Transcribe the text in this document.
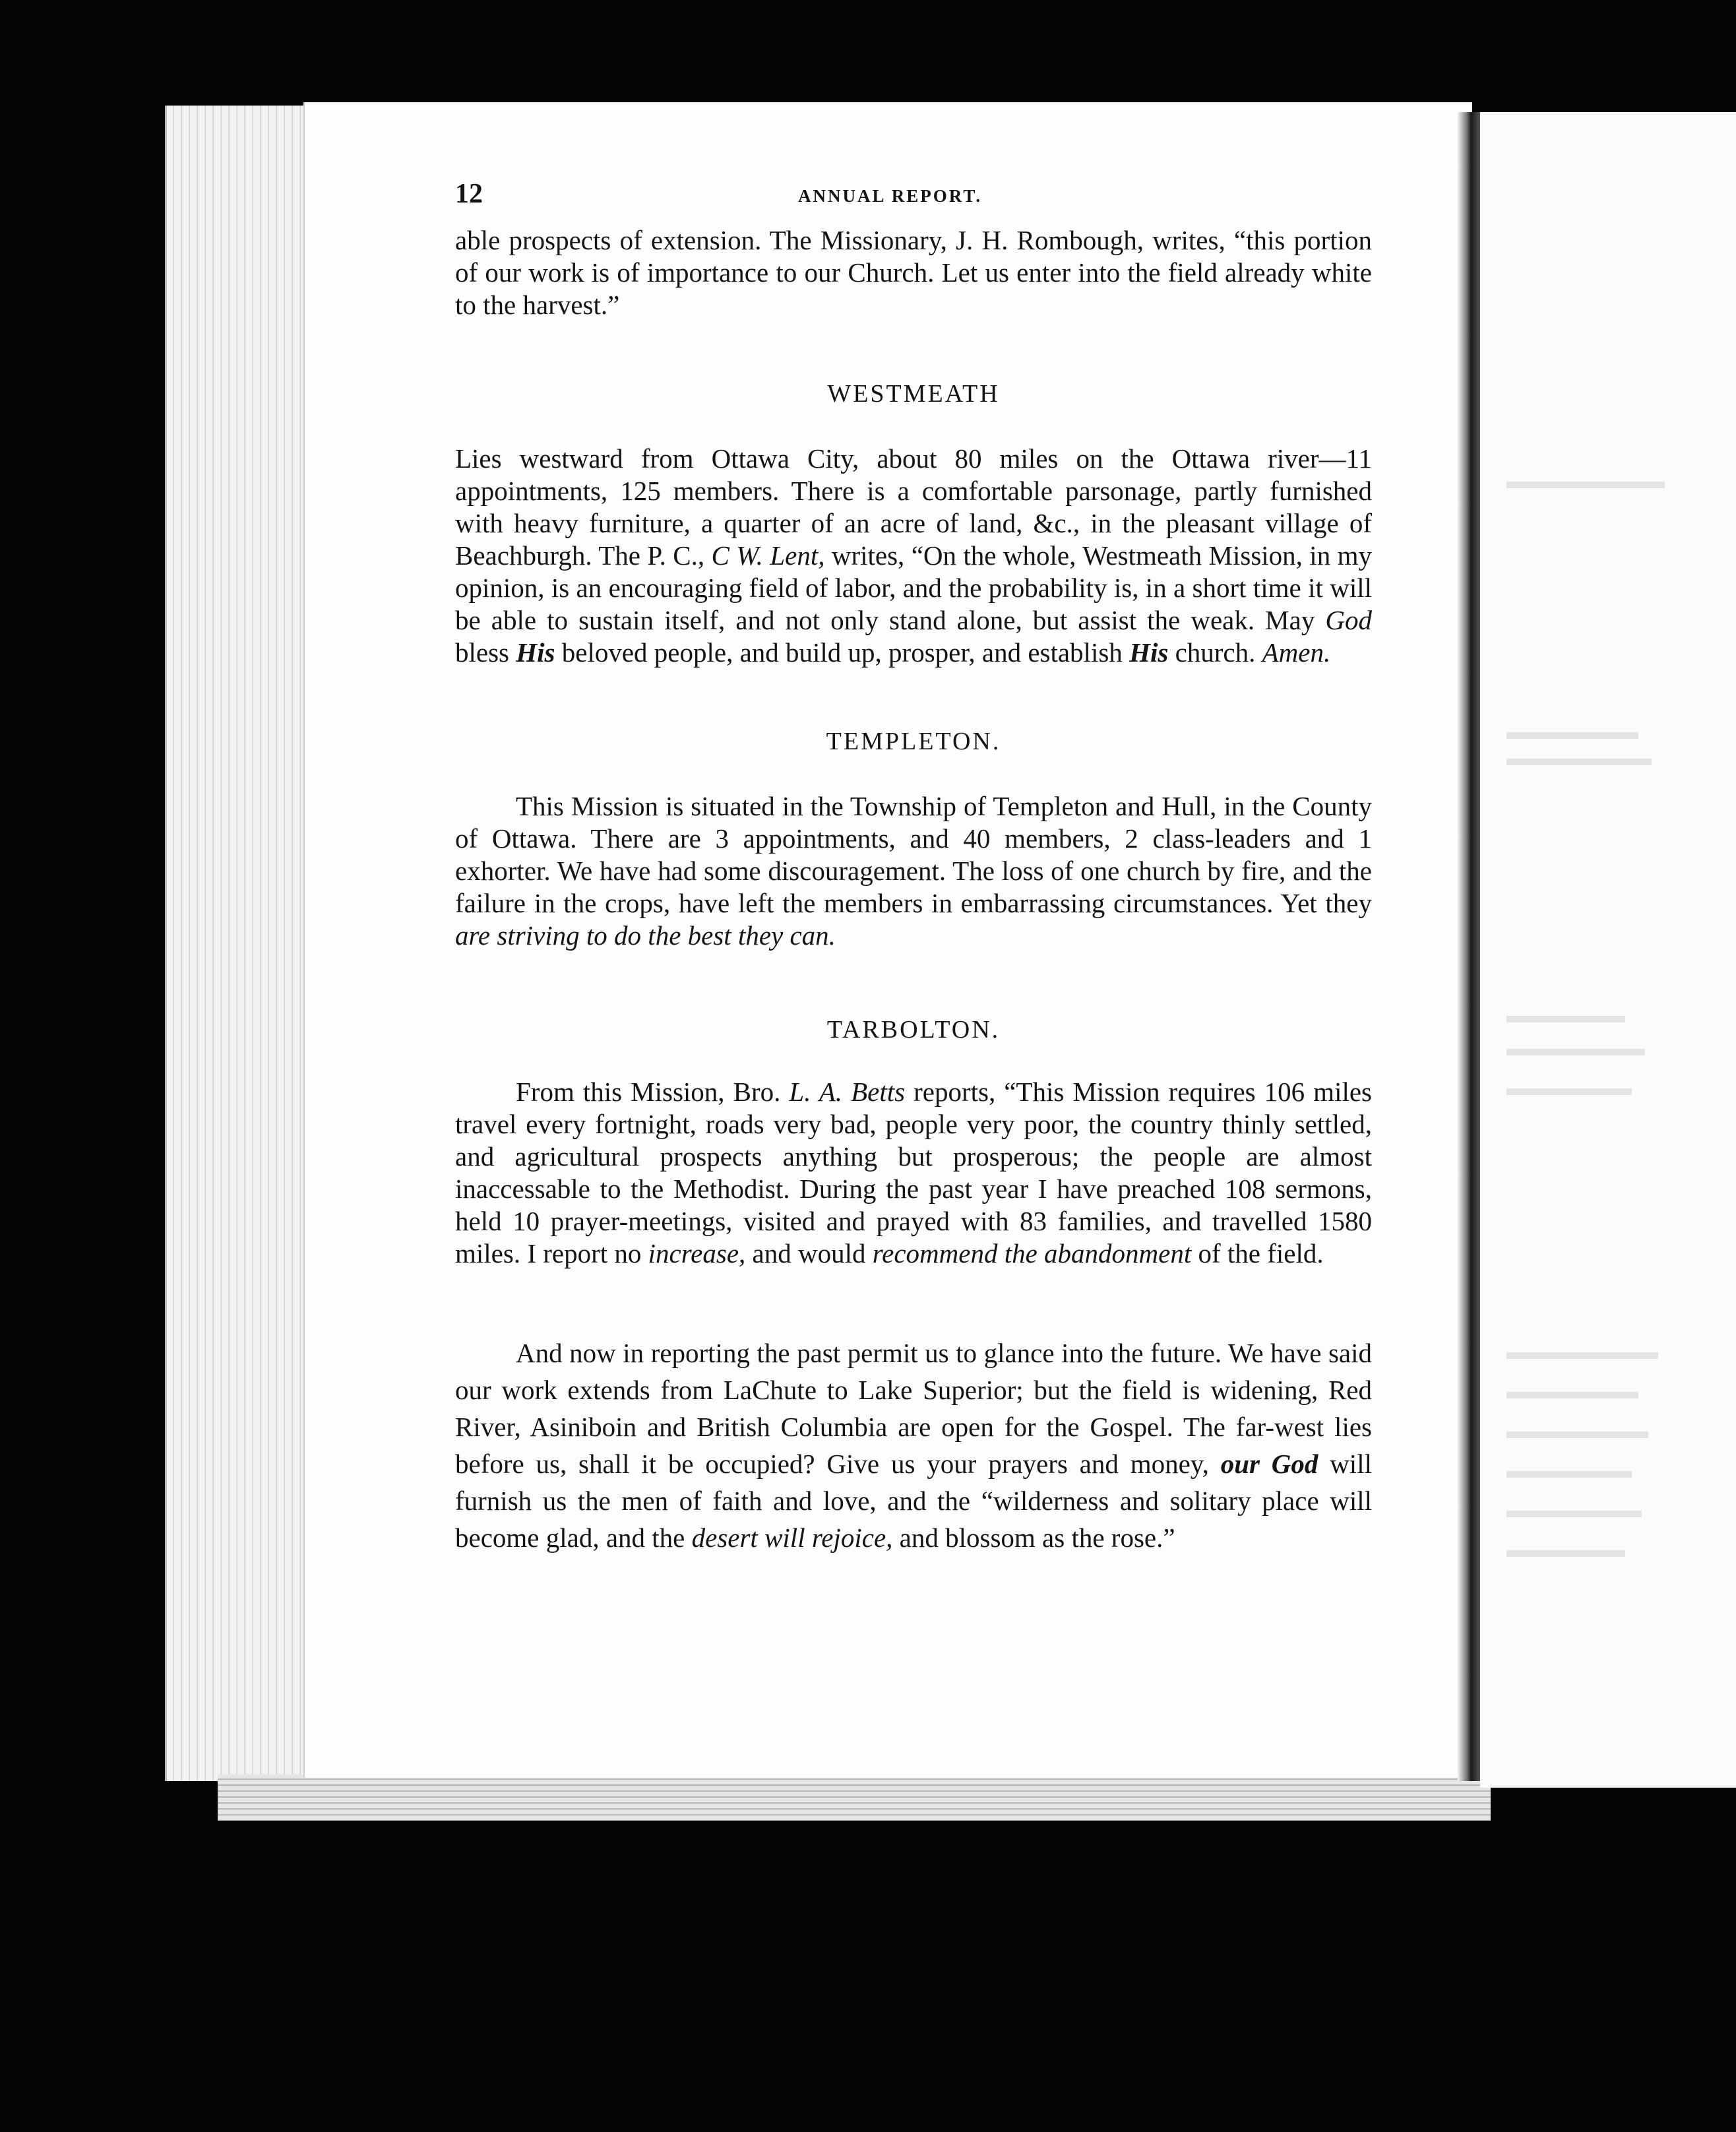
12	ANNUAL REPORT.

able prospects of extension. The Missionary, J. H. Rombough, writes, “this portion of our work is of importance to our Church. Let us enter into the field already white to the harvest.”

WESTMEATH

Lies westward from Ottawa City, about 80 miles on the Ottawa river—11 appointments, 125 members. There is a comfortable parsonage, partly furnished with heavy furniture, a quarter of an acre of land, &c., in the pleasant village of Beachburgh. The P. C., C W. Lent, writes, “On the whole, Westmeath Mission, in my opinion, is an encouraging field of labor, and the probability is, in a short time it will be able to sustain itself, and not only stand alone, but assist the weak. May God bless His beloved people, and build up, prosper, and establish His church. Amen.

TEMPLETON.

This Mission is situated in the Township of Templeton and Hull, in the County of Ottawa. There are 3 appointments, and 40 members, 2 class-leaders and 1 exhorter. We have had some discouragement. The loss of one church by fire, and the failure in the crops, have left the members in embarrassing circumstances. Yet they are striving to do the best they can.

TARBOLTON.

From this Mission, Bro. L. A. Betts reports, “This Mission requires 106 miles travel every fortnight, roads very bad, people very poor, the country thinly settled, and agricultural prospects anything but prosperous; the people are almost inaccessable to the Methodist. During the past year I have preached 108 sermons, held 10 prayer-meetings, visited and prayed with 83 families, and travelled 1580 miles. I report no increase, and would recommend the abandonment of the field.

And now in reporting the past permit us to glance into the future. We have said our work extends from LaChute to Lake Superior; but the field is widening, Red River, Asiniboin and British Columbia are open for the Gospel. The far-west lies before us, shall it be occupied? Give us your prayers and money, our God will furnish us the men of faith and love, and the “wilderness and solitary place will become glad, and the desert will rejoice, and blossom as the rose.”
